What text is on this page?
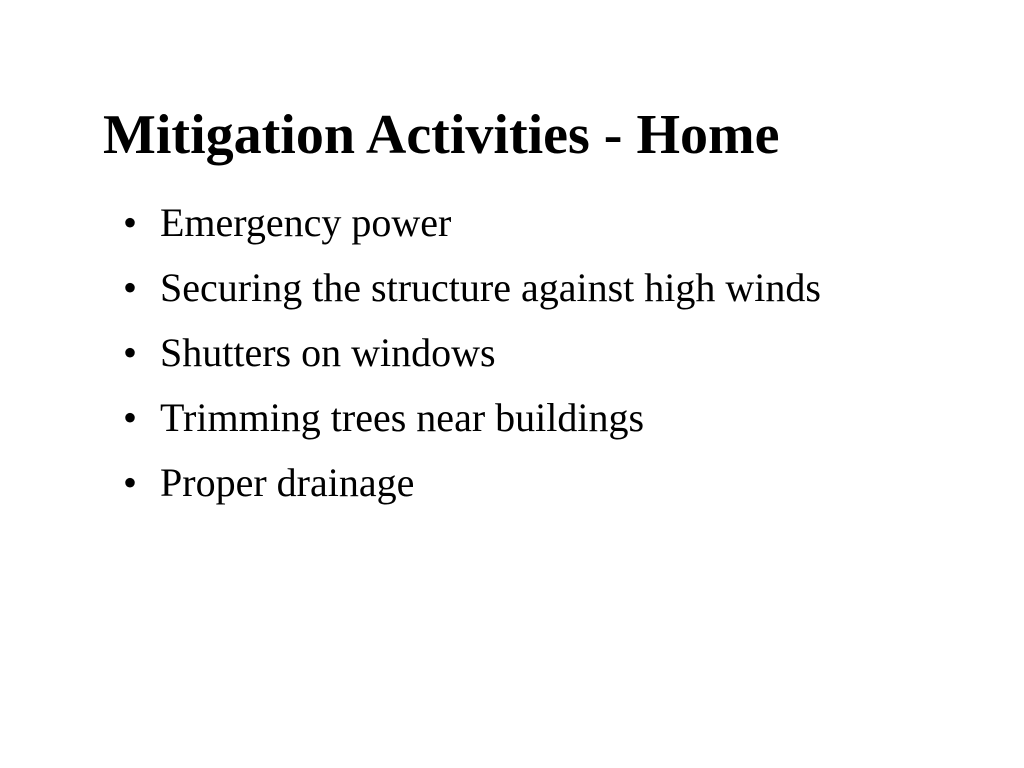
Mitigation Activities - Home
• Emergency power
• Securing the structure against high winds
• Shutters on windows
• Trimming trees near buildings
• Proper drainage
